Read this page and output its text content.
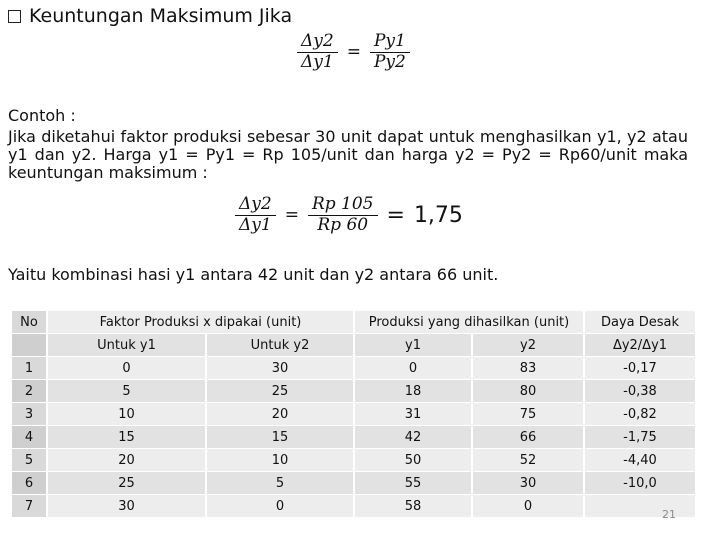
Keuntungan Maksimum Jika
$\frac{\Delta y2}{\Delta y1} = \frac{Py1}{Py2}$
Contoh :
Jika diketahui faktor produksi sebesar 30 unit dapat untuk menghasilkan y1, y2 atau y1 dan y2. Harga y1 = Py1 = Rp 105/unit dan harga y2 = Py2 = Rp60/unit maka keuntungan maksimum :
$\frac{\Delta y2}{\Delta y1} = \frac{Rp 105}{Rp 60} = 1,75$
Yaitu kombinasi hasi y1 antara 42 unit dan y2 antara 66 unit.
No	Faktor Produksi x dipakai (unit)		Produksi yang dihasilkan (unit)		Daya Desak
	Untuk y1	Untuk y2	y1	y2	Δy2/Δy1
1	0	30	0	83	-0,17
2	5	25	18	80	-0,38
3	10	20	31	75	-0,82
4	15	15	42	66	-1,75
5	20	10	50	52	-4,40
6	25	5	55	30	-10,0
7	30	0	58	0	
21
